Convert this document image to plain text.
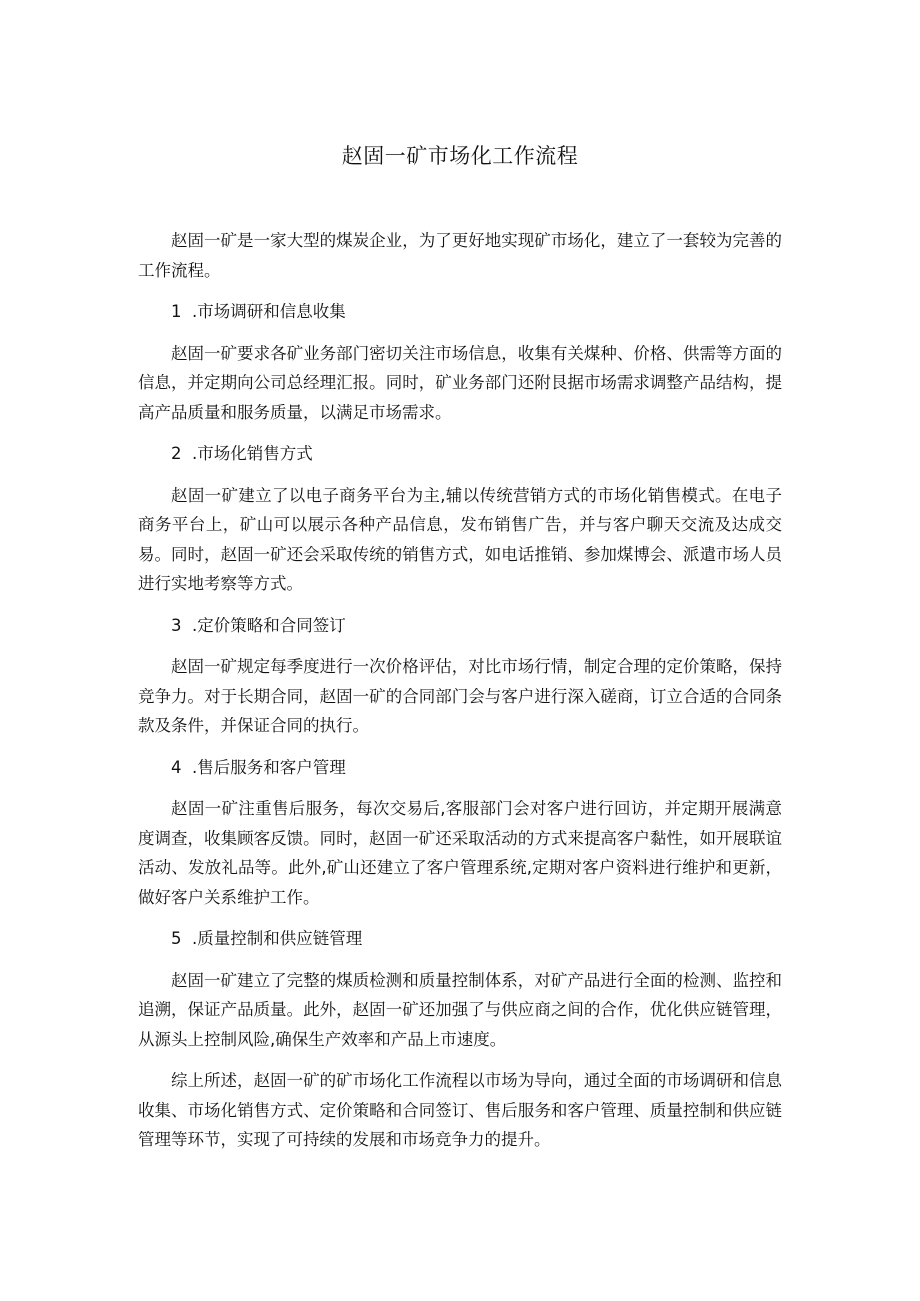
赵固一矿市场化工作流程

赵固一矿是一家大型的煤炭企业，为了更好地实现矿市场化，建立了一套较为完善的工作流程。

1  .市场调研和信息收集

赵固一矿要求各矿业务部门密切关注市场信息，收集有关煤种、价格、供需等方面的信息，并定期向公司总经理汇报。同时，矿业务部门还附艮据市场需求调整产品结构，提高产品质量和服务质量，以满足市场需求。

2  .市场化销售方式

赵固一矿建立了以电子商务平台为主,辅以传统营销方式的市场化销售模式。在电子商务平台上，矿山可以展示各种产品信息，发布销售广告，并与客户聊天交流及达成交易。同时，赵固一矿还会采取传统的销售方式，如电话推销、参加煤博会、派遣市场人员进行实地考察等方式。

3  .定价策略和合同签订

赵固一矿规定每季度进行一次价格评估，对比市场行情，制定合理的定价策略，保持竞争力。对于长期合同，赵固一矿的合同部门会与客户进行深入磋商，订立合适的合同条款及条件，并保证合同的执行。

4  .售后服务和客户管理

赵固一矿注重售后服务，每次交易后,客服部门会对客户进行回访，并定期开展满意度调查，收集顾客反馈。同时，赵固一矿还采取活动的方式来提高客户黏性，如开展联谊活动、发放礼品等。此外,矿山还建立了客户管理系统,定期对客户资料进行维护和更新，做好客户关系维护工作。

5  .质量控制和供应链管理

赵固一矿建立了完整的煤质检测和质量控制体系，对矿产品进行全面的检测、监控和追溯，保证产品质量。此外，赵固一矿还加强了与供应商之间的合作，优化供应链管理，从源头上控制风险,确保生产效率和产品上市速度。

综上所述，赵固一矿的矿市场化工作流程以市场为导向，通过全面的市场调研和信息收集、市场化销售方式、定价策略和合同签订、售后服务和客户管理、质量控制和供应链管理等环节，实现了可持续的发展和市场竞争力的提升。
